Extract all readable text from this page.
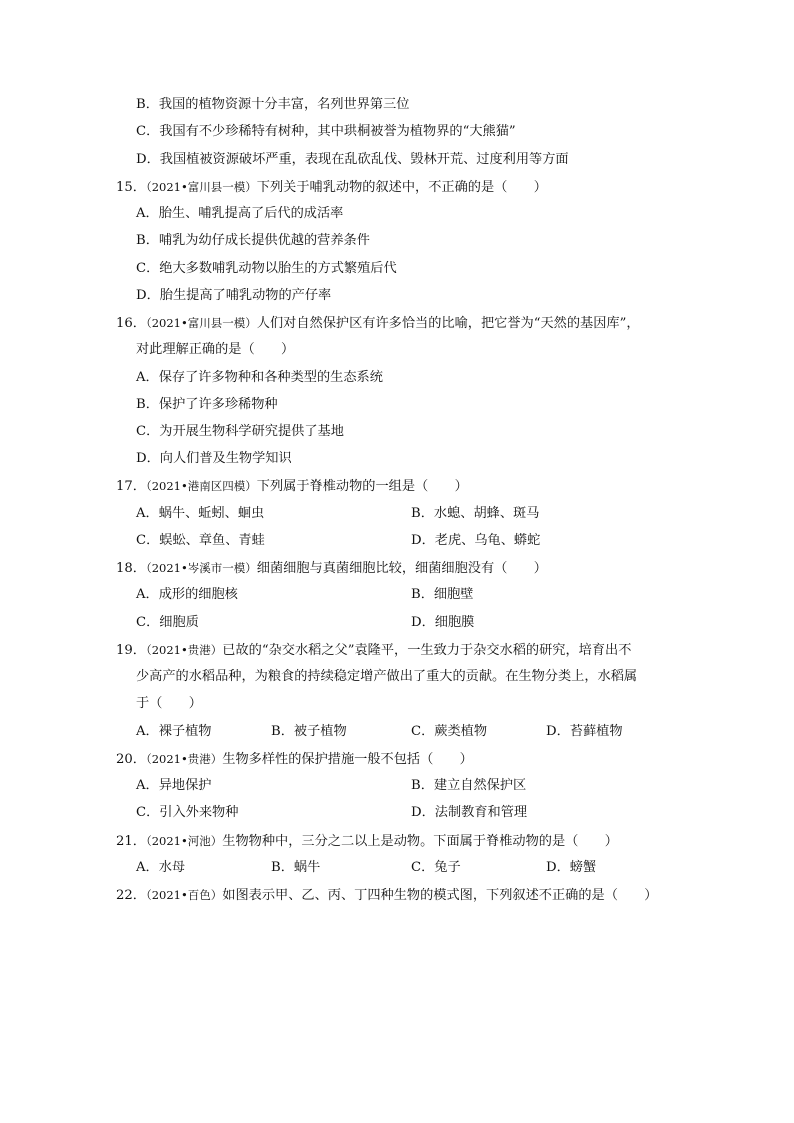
B．我国的植物资源十分丰富，名列世界第三位
C．我国有不少珍稀特有树种，其中珙桐被誉为植物界的“大熊猫”
D．我国植被资源破坏严重，表现在乱砍乱伐、毁林开荒、过度利用等方面
15．（2021•富川县一模）下列关于哺乳动物的叙述中，不正确的是（　　）
A．胎生、哺乳提高了后代的成活率
B．哺乳为幼仔成长提供优越的营养条件
C．绝大多数哺乳动物以胎生的方式繁殖后代
D．胎生提高了哺乳动物的产仔率
16．（2021•富川县一模）人们对自然保护区有许多恰当的比喻，把它誉为“天然的基因库”，
对此理解正确的是（　　）
A．保存了许多物种和各种类型的生态系统
B．保护了许多珍稀物种
C．为开展生物科学研究提供了基地
D．向人们普及生物学知识
17．（2021•港南区四模）下列属于脊椎动物的一组是（　　）
A．蜗牛、蚯蚓、蛔虫	B．水螅、胡蜂、斑马
C．蜈蚣、章鱼、青蛙	D．老虎、乌龟、蟒蛇
18．（2021•岑溪市一模）细菌细胞与真菌细胞比较，细菌细胞没有（　　）
A．成形的细胞核	B．细胞壁
C．细胞质	D．细胞膜
19．（2021•贵港）已故的“杂交水稻之父”袁隆平，一生致力于杂交水稻的研究，培育出不
少高产的水稻品种，为粮食的持续稳定增产做出了重大的贡献。在生物分类上，水稻属
于（　　）
A．裸子植物	B．被子植物	C．蕨类植物	D．苔藓植物
20．（2021•贵港）生物多样性的保护措施一般不包括（　　）
A．异地保护	B．建立自然保护区
C．引入外来物种	D．法制教育和管理
21．（2021•河池）生物物种中，三分之二以上是动物。下面属于脊椎动物的是（　　）
A．水母	B．蜗牛	C．兔子	D．螃蟹
22．（2021•百色）如图表示甲、乙、丙、丁四种生物的模式图，下列叙述不正确的是（　　）
